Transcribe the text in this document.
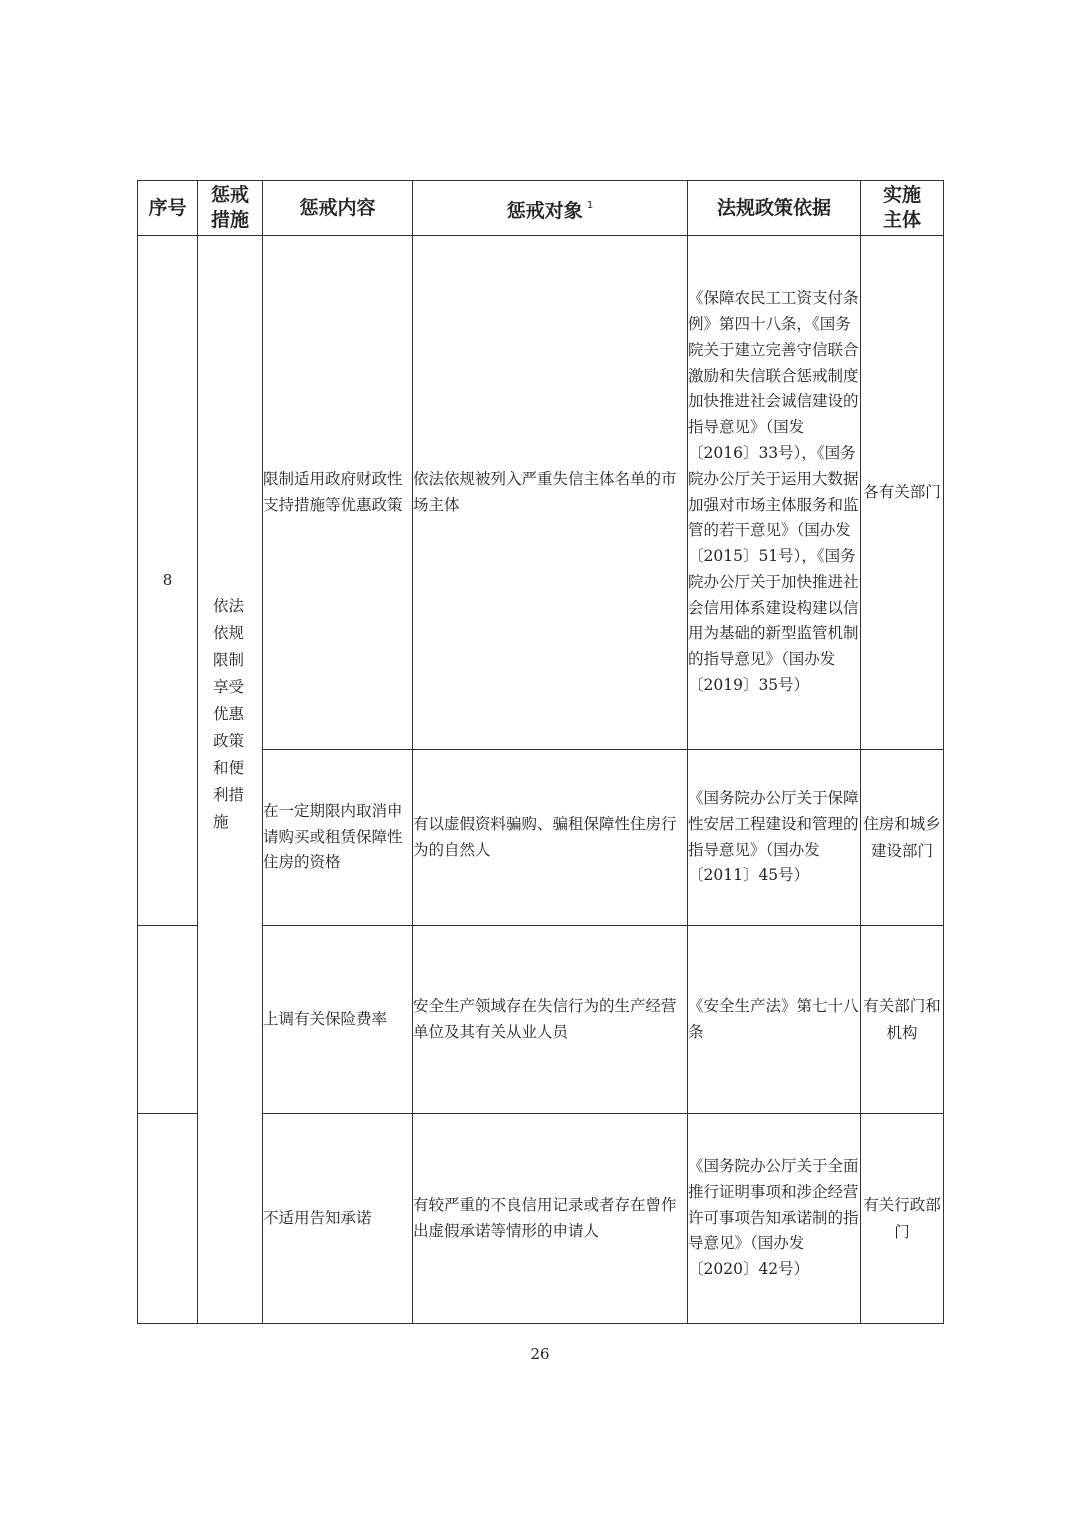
序号	惩戒措施	惩戒内容	惩戒对象 $^1$	法规政策依据	实施主体

8	依法依规限制享受优惠政策和便利措施	限制适用政府财政性支持措施等优惠政策	依法依规被列入严重失信主体名单的市场主体	《保障农民工工资支付条例》第四十八条，《国务院关于建立完善守信联合激励和失信联合惩戒制度加快推进社会诚信建设的指导意见》（国发〔2016〕33号），《国务院办公厅关于运用大数据加强对市场主体服务和监管的若干意见》（国办发〔2015〕51号），《国务院办公厅关于加快推进社会信用体系建设构建以信用为基础的新型监管机制的指导意见》（国办发〔2019〕35号）	各有关部门
		在一定期限内取消申请购买或租赁保障性住房的资格	有以虚假资料骗购、骗租保障性住房行为的自然人	《国务院办公厅关于保障性安居工程建设和管理的指导意见》（国办发〔2011〕45号）	住房和城乡建设部门
		上调有关保险费率	安全生产领域存在失信行为的生产经营单位及其有关从业人员	《安全生产法》第七十八条	有关部门和机构
		不适用告知承诺	有较严重的不良信用记录或者存在曾作出虚假承诺等情形的申请人	《国务院办公厅关于全面推行证明事项和涉企经营许可事项告知承诺制的指导意见》（国办发〔2020〕42号）	有关行政部门
26
